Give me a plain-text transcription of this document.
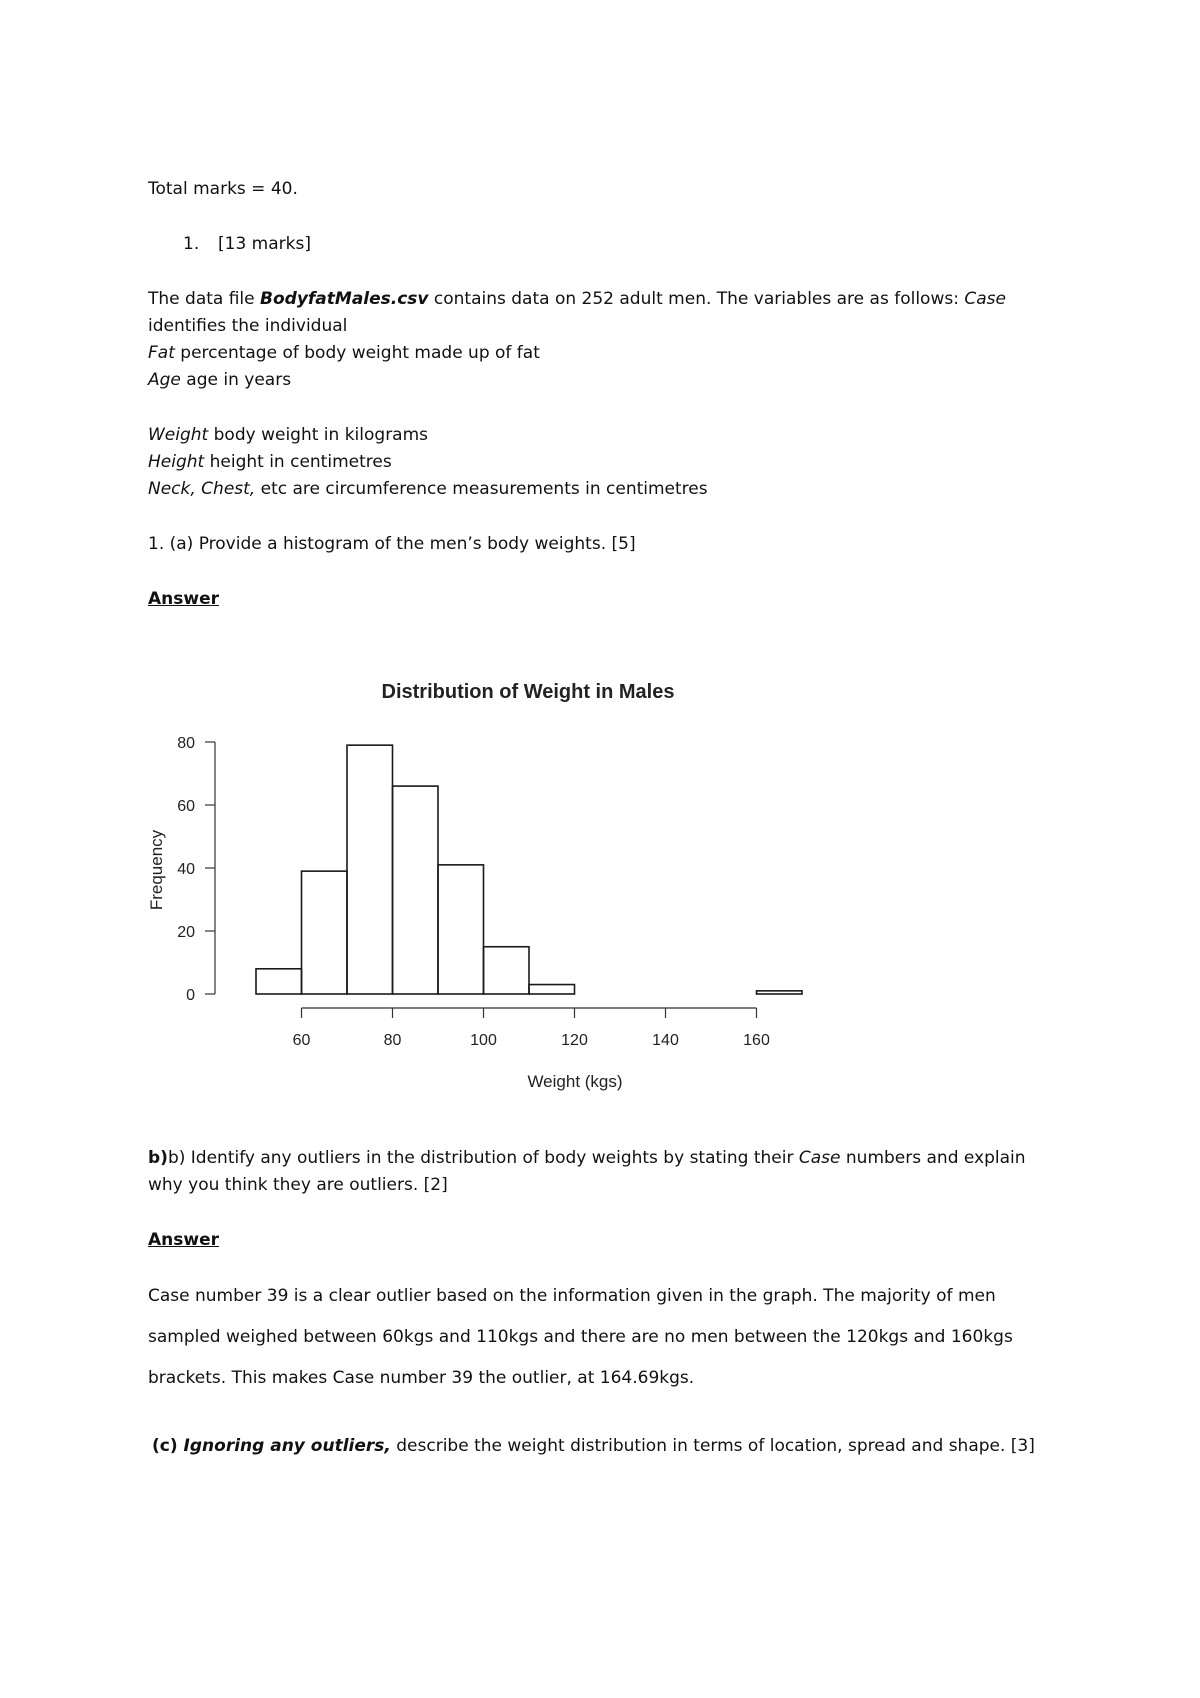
Total marks = 40.
1. [13 marks]
The data file BodyfatMales.csv contains data on 252 adult men. The variables are as follows: Case
identifies the individual
Fat percentage of body weight made up of fat
Age age in years
Weight body weight in kilograms
Height height in centimetres
Neck, Chest, etc are circumference measurements in centimetres
1. (a) Provide a histogram of the men’s body weights. [5]
Answer
Distribution of Weight in Males
Frequency
Weight (kgs)
0
20
40
60
80
60	80	100	120	140	160
b)b) Identify any outliers in the distribution of body weights by stating their Case numbers and explain
why you think they are outliers. [2]
Answer
Case number 39 is a clear outlier based on the information given in the graph. The majority of men
sampled weighed between 60kgs and 110kgs and there are no men between the 120kgs and 160kgs
brackets. This makes Case number 39 the outlier, at 164.69kgs.
(c) Ignoring any outliers, describe the weight distribution in terms of location, spread and shape. [3]
